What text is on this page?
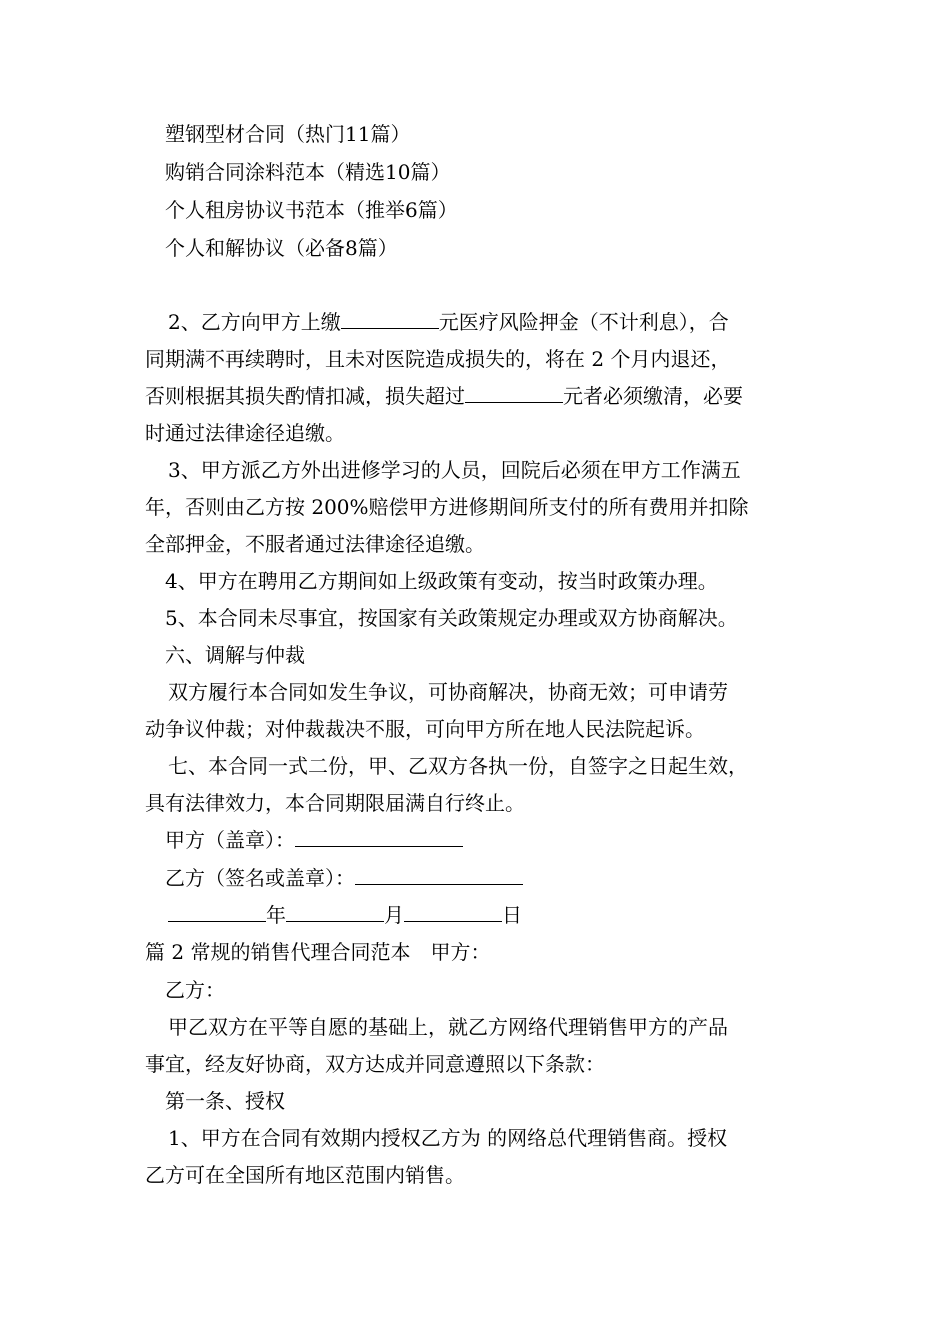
塑钢型材合同（热门11篇）
购销合同涂料范本（精选10篇）
个人租房协议书范本（推举6篇）
个人和解协议（必备8篇）
2、乙方向甲方上缴	元医疗风险押金（不计利息），合
同期满不再续聘时，且未对医院造成损失的，将在 2 个月内退还，
否则根据其损失酌情扣减，损失超过	元者必须缴清，必要
时通过法律途径追缴。
3、甲方派乙方外出进修学习的人员，回院后必须在甲方工作满五
年，否则由乙方按 200%赔偿甲方进修期间所支付的所有费用并扣除
全部押金，不服者通过法律途径追缴。
4、甲方在聘用乙方期间如上级政策有变动，按当时政策办理。
5、本合同未尽事宜，按国家有关政策规定办理或双方协商解决。
六、调解与仲裁
双方履行本合同如发生争议，可协商解决，协商无效；可申请劳
动争议仲裁；对仲裁裁决不服，可向甲方所在地人民法院起诉。
七、本合同一式二份，甲、乙双方各执一份，自签字之日起生效，
具有法律效力，本合同期限届满自行终止。
甲方（盖章）：
乙方（签名或盖章）：
年	月	日
篇 2 常规的销售代理合同范本　甲方：
乙方：
甲乙双方在平等自愿的基础上，就乙方网络代理销售甲方的产品
事宜，经友好协商，双方达成并同意遵照以下条款：
第一条、授权
1、甲方在合同有效期内授权乙方为 的网络总代理销售商。授权
乙方可在全国所有地区范围内销售。
